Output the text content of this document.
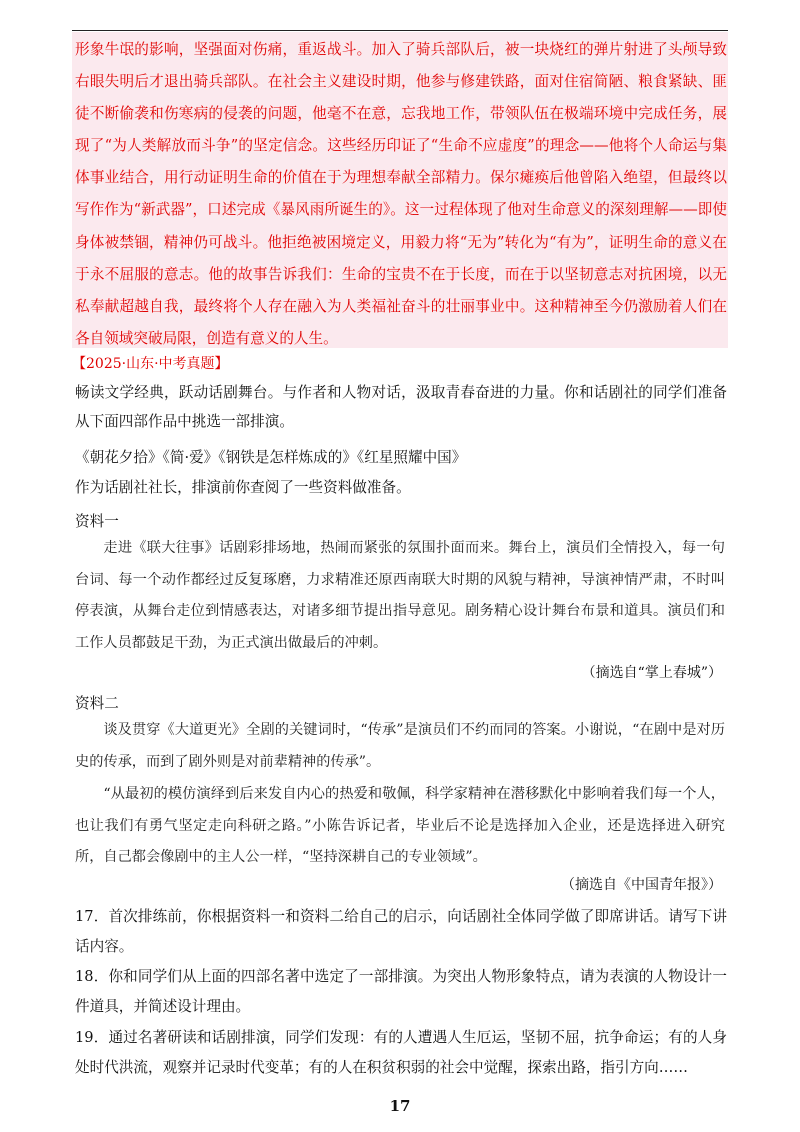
形象牛氓的影响，坚强面对伤痛，重返战斗。加入了骑兵部队后，被一块烧红的弹片射进了头颅导致右眼失明后才退出骑兵部队。在社会主义建设时期，他参与修建铁路，面对住宿简陋、粮食紧缺、匪徒不断偷袭和伤寒病的侵袭的问题，他毫不在意，忘我地工作，带领队伍在极端环境中完成任务，展现了“为人类解放而斗争”的坚定信念。这些经历印证了“生命不应虚度”的理念——他将个人命运与集体事业结合，用行动证明生命的价值在于为理想奉献全部精力。保尔瘫痪后他曾陷入绝望，但最终以写作作为“新武器”，口述完成《暴风雨所诞生的》。这一过程体现了他对生命意义的深刻理解——即使身体被禁锢，精神仍可战斗。他拒绝被困境定义，用毅力将“无为”转化为“有为”，证明生命的意义在于永不屈服的意志。他的故事告诉我们：生命的宝贵不在于长度，而在于以坚韧意志对抗困境，以无私奉献超越自我，最终将个人存在融入为人类福祉奋斗的壮丽事业中。这种精神至今仍激励着人们在各自领域突破局限，创造有意义的人生。

【2025·山东·中考真题】

畅读文学经典，跃动话剧舞台。与作者和人物对话，汲取青春奋进的力量。你和话剧社的同学们准备从下面四部作品中挑选一部排演。

《朝花夕拾》《简·爱》《钢铁是怎样炼成的》《红星照耀中国》

作为话剧社社长，排演前你查阅了一些资料做准备。

资料一

走进《联大往事》话剧彩排场地，热闹而紧张的氛围扑面而来。舞台上，演员们全情投入，每一句台词、每一个动作都经过反复琢磨，力求精准还原西南联大时期的风貌与精神，导演神情严肃，不时叫停表演，从舞台走位到情感表达，对诸多细节提出指导意见。剧务精心设计舞台布景和道具。演员们和工作人员都鼓足干劲，为正式演出做最后的冲刺。

（摘选自“掌上春城”）
资料二

谈及贯穿《大道更光》全剧的关键词时，“传承”是演员们不约而同的答案。小谢说，“在剧中是对历史的传承，而到了剧外则是对前辈精神的传承”。

“从最初的模仿演绎到后来发自内心的热爱和敬佩，科学家精神在潜移默化中影响着我们每一个人，也让我们有勇气坚定走向科研之路。”小陈告诉记者，毕业后不论是选择加入企业，还是选择进入研究所，自己都会像剧中的主人公一样，“坚持深耕自己的专业领域”。

（摘选自《中国青年报》）

17．首次排练前，你根据资料一和资料二给自己的启示，向话剧社全体同学做了即席讲话。请写下讲话内容。

18．你和同学们从上面的四部名著中选定了一部排演。为突出人物形象特点，请为表演的人物设计一件道具，并简述设计理由。

19．通过名著研读和话剧排演，同学们发现：有的人遭遇人生厄运，坚韧不屈，抗争命运；有的人身处时代洪流，观察并记录时代变革；有的人在积贫积弱的社会中觉醒，探索出路，指引方向……

17
